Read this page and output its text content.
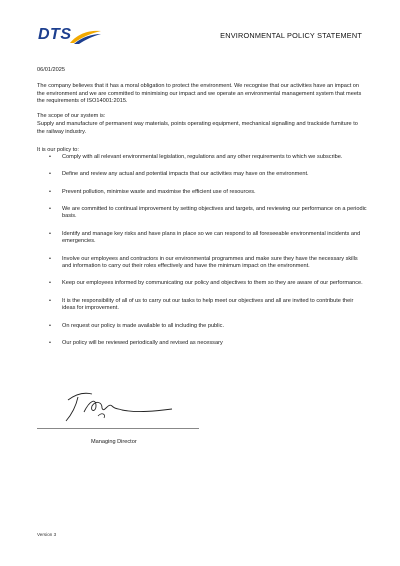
DTS	ENVIRONMENTAL POLICY STATEMENT
06/01/2025

The company believes that it has a moral obligation to protect the environment. We recognise that our activities have an impact on the environment and we are committed to minimising our impact and we operate an environmental management system that meets the requirements of ISO14001:2015.

The scope of our system is:

Supply and manufacture of permanent way materials, points operating equipment, mechanical signalling and trackside furniture to the railway industry.

It is our policy to:
• Comply with all relevant environmental legislation, regulations and any other requirements to which we subscribe.
• Define and review any actual and potential impacts that our activities may have on the environment.
• Prevent pollution, minimise waste and maximise the efficient use of resources.
• We are committed to continual improvement by setting objectives and targets, and reviewing our performance on a periodic basis.
• Identify and manage key risks and have plans in place so we can respond to all foreseeable environmental incidents and emergencies.
• Involve our employees and contractors in our environmental programmes and make sure they have the necessary skills and information to carry out their roles effectively and have the minimum impact on the environment.
• Keep our employees informed by communicating our policy and objectives to them so they are aware of our performance.
• It is the responsibility of all of us to carry out our tasks to help meet our objectives and all are invited to contribute their ideas for improvement.
• On request our policy is made available to all including the public.
• Our policy will be reviewed periodically and revised as necessary
Managing Director
Version 3
